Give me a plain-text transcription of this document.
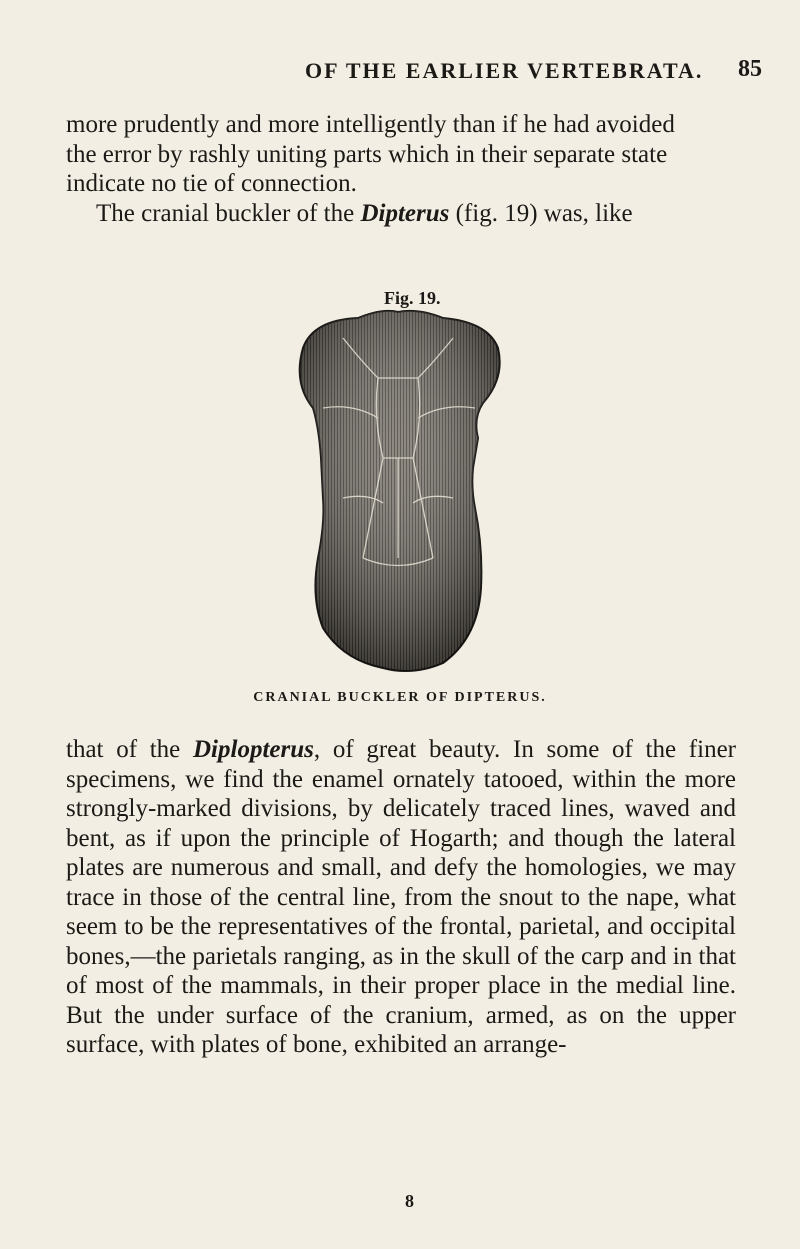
OF THE EARLIER VERTEBRATA. 85

more prudently and more intelligently than if he had avoided

the error by rashly uniting parts which in their separate state

indicate no tie of connection.

The cranial buckler of the Dipterus (fig. 19) was, like

Fig. 19.
CRANIAL BUCKLER OF DIPTERUS.

that of the Diplopterus, of great beauty. In some of the finer specimens, we find the enamel ornately tatooed, within the more strongly-marked divisions, by delicately traced lines, waved and bent, as if upon the principle of Hogarth; and though the lateral plates are numerous and small, and defy the homologies, we may trace in those of the central line, from the snout to the nape, what seem to be the representatives of the frontal, parietal, and occipital bones,—the parietals ranging, as in the skull of the carp and in that of most of the mammals, in their proper place in the medial line. But the under surface of the cranium, armed, as on the upper surface, with plates of bone, exhibited an arrange-

8
